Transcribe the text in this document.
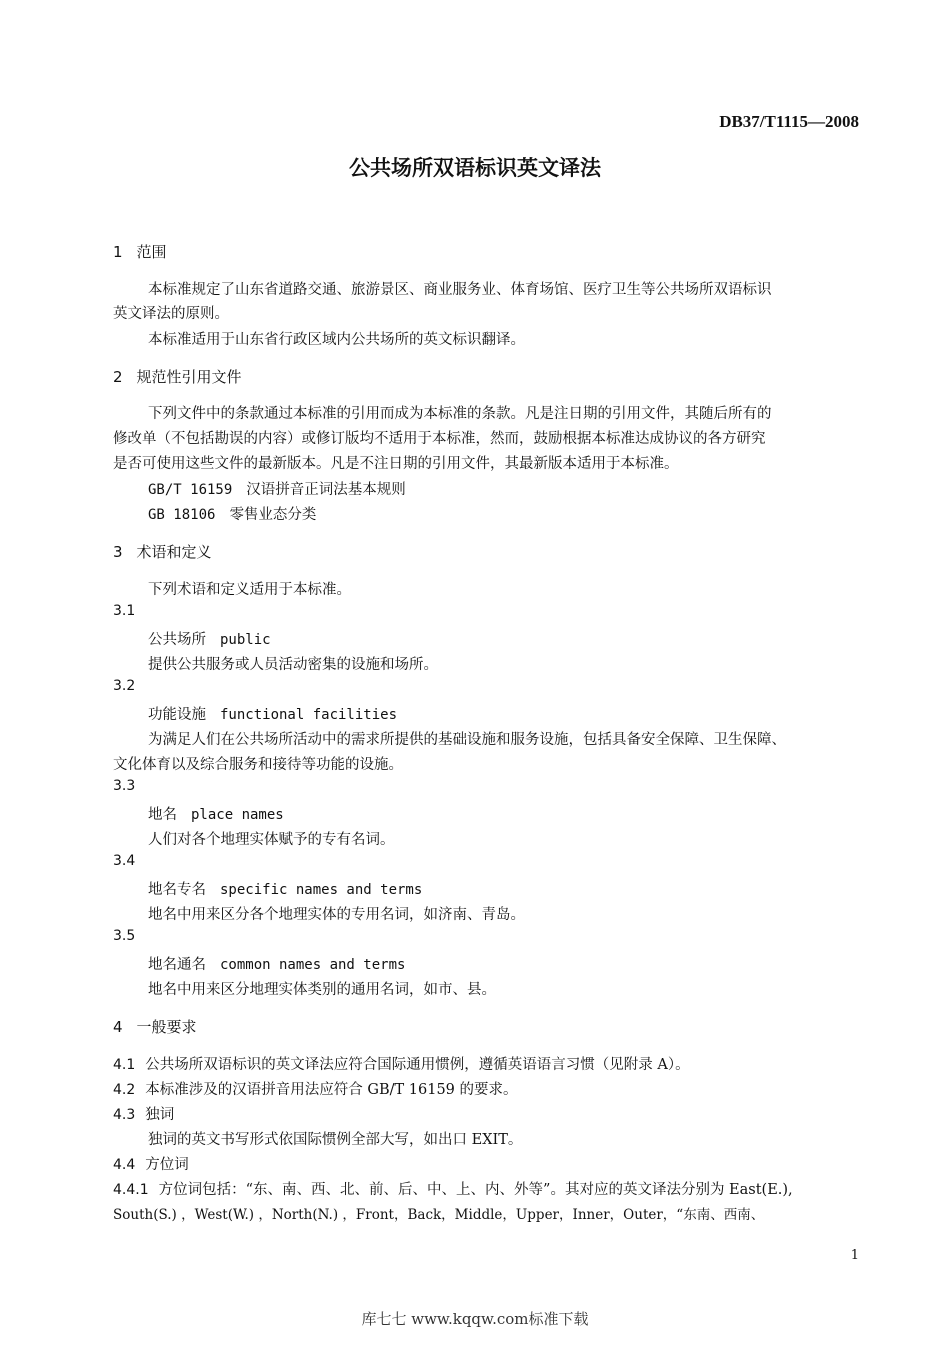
DB37/T1115—2008
公共场所双语标识英文译法
1 范围
本标准规定了山东省道路交通、旅游景区、商业服务业、体育场馆、医疗卫生等公共场所双语标识
英文译法的原则。
本标准适用于山东省行政区域内公共场所的英文标识翻译。
2 规范性引用文件
下列文件中的条款通过本标准的引用而成为本标准的条款。凡是注日期的引用文件，其随后所有的
修改单（不包括勘误的内容）或修订版均不适用于本标准，然而，鼓励根据本标准达成协议的各方研究
是否可使用这些文件的最新版本。凡是不注日期的引用文件，其最新版本适用于本标准。
GB/T 16159 汉语拼音正词法基本规则
GB 18106 零售业态分类
3 术语和定义
下列术语和定义适用于本标准。
3.1
公共场所 public
提供公共服务或人员活动密集的设施和场所。
3.2
功能设施 functional facilities
为满足人们在公共场所活动中的需求所提供的基础设施和服务设施，包括具备安全保障、卫生保障、
文化体育以及综合服务和接待等功能的设施。
3.3
地名 place names
人们对各个地理实体赋予的专有名词。
3.4
地名专名 specific names and terms
地名中用来区分各个地理实体的专用名词，如济南、青岛。
3.5
地名通名 common names and terms
地名中用来区分地理实体类别的通用名词，如市、县。
4 一般要求
4.1 公共场所双语标识的英文译法应符合国际通用惯例，遵循英语语言习惯（见附录 A）。
4.2 本标准涉及的汉语拼音用法应符合 GB/T 16159 的要求。
4.3 独词
独词的英文书写形式依国际惯例全部大写，如出口 EXIT。
4.4 方位词
4.4.1 方位词包括：“东、南、西、北、前、后、中、上、内、外等”。其对应的英文译法分别为 East(E.),
South(S.) ，West(W.) ，North(N.) ，Front，Back，Middle，Upper，Inner，Outer，“东南、西南、
1
库七七 www.kqqw.com标准下载
